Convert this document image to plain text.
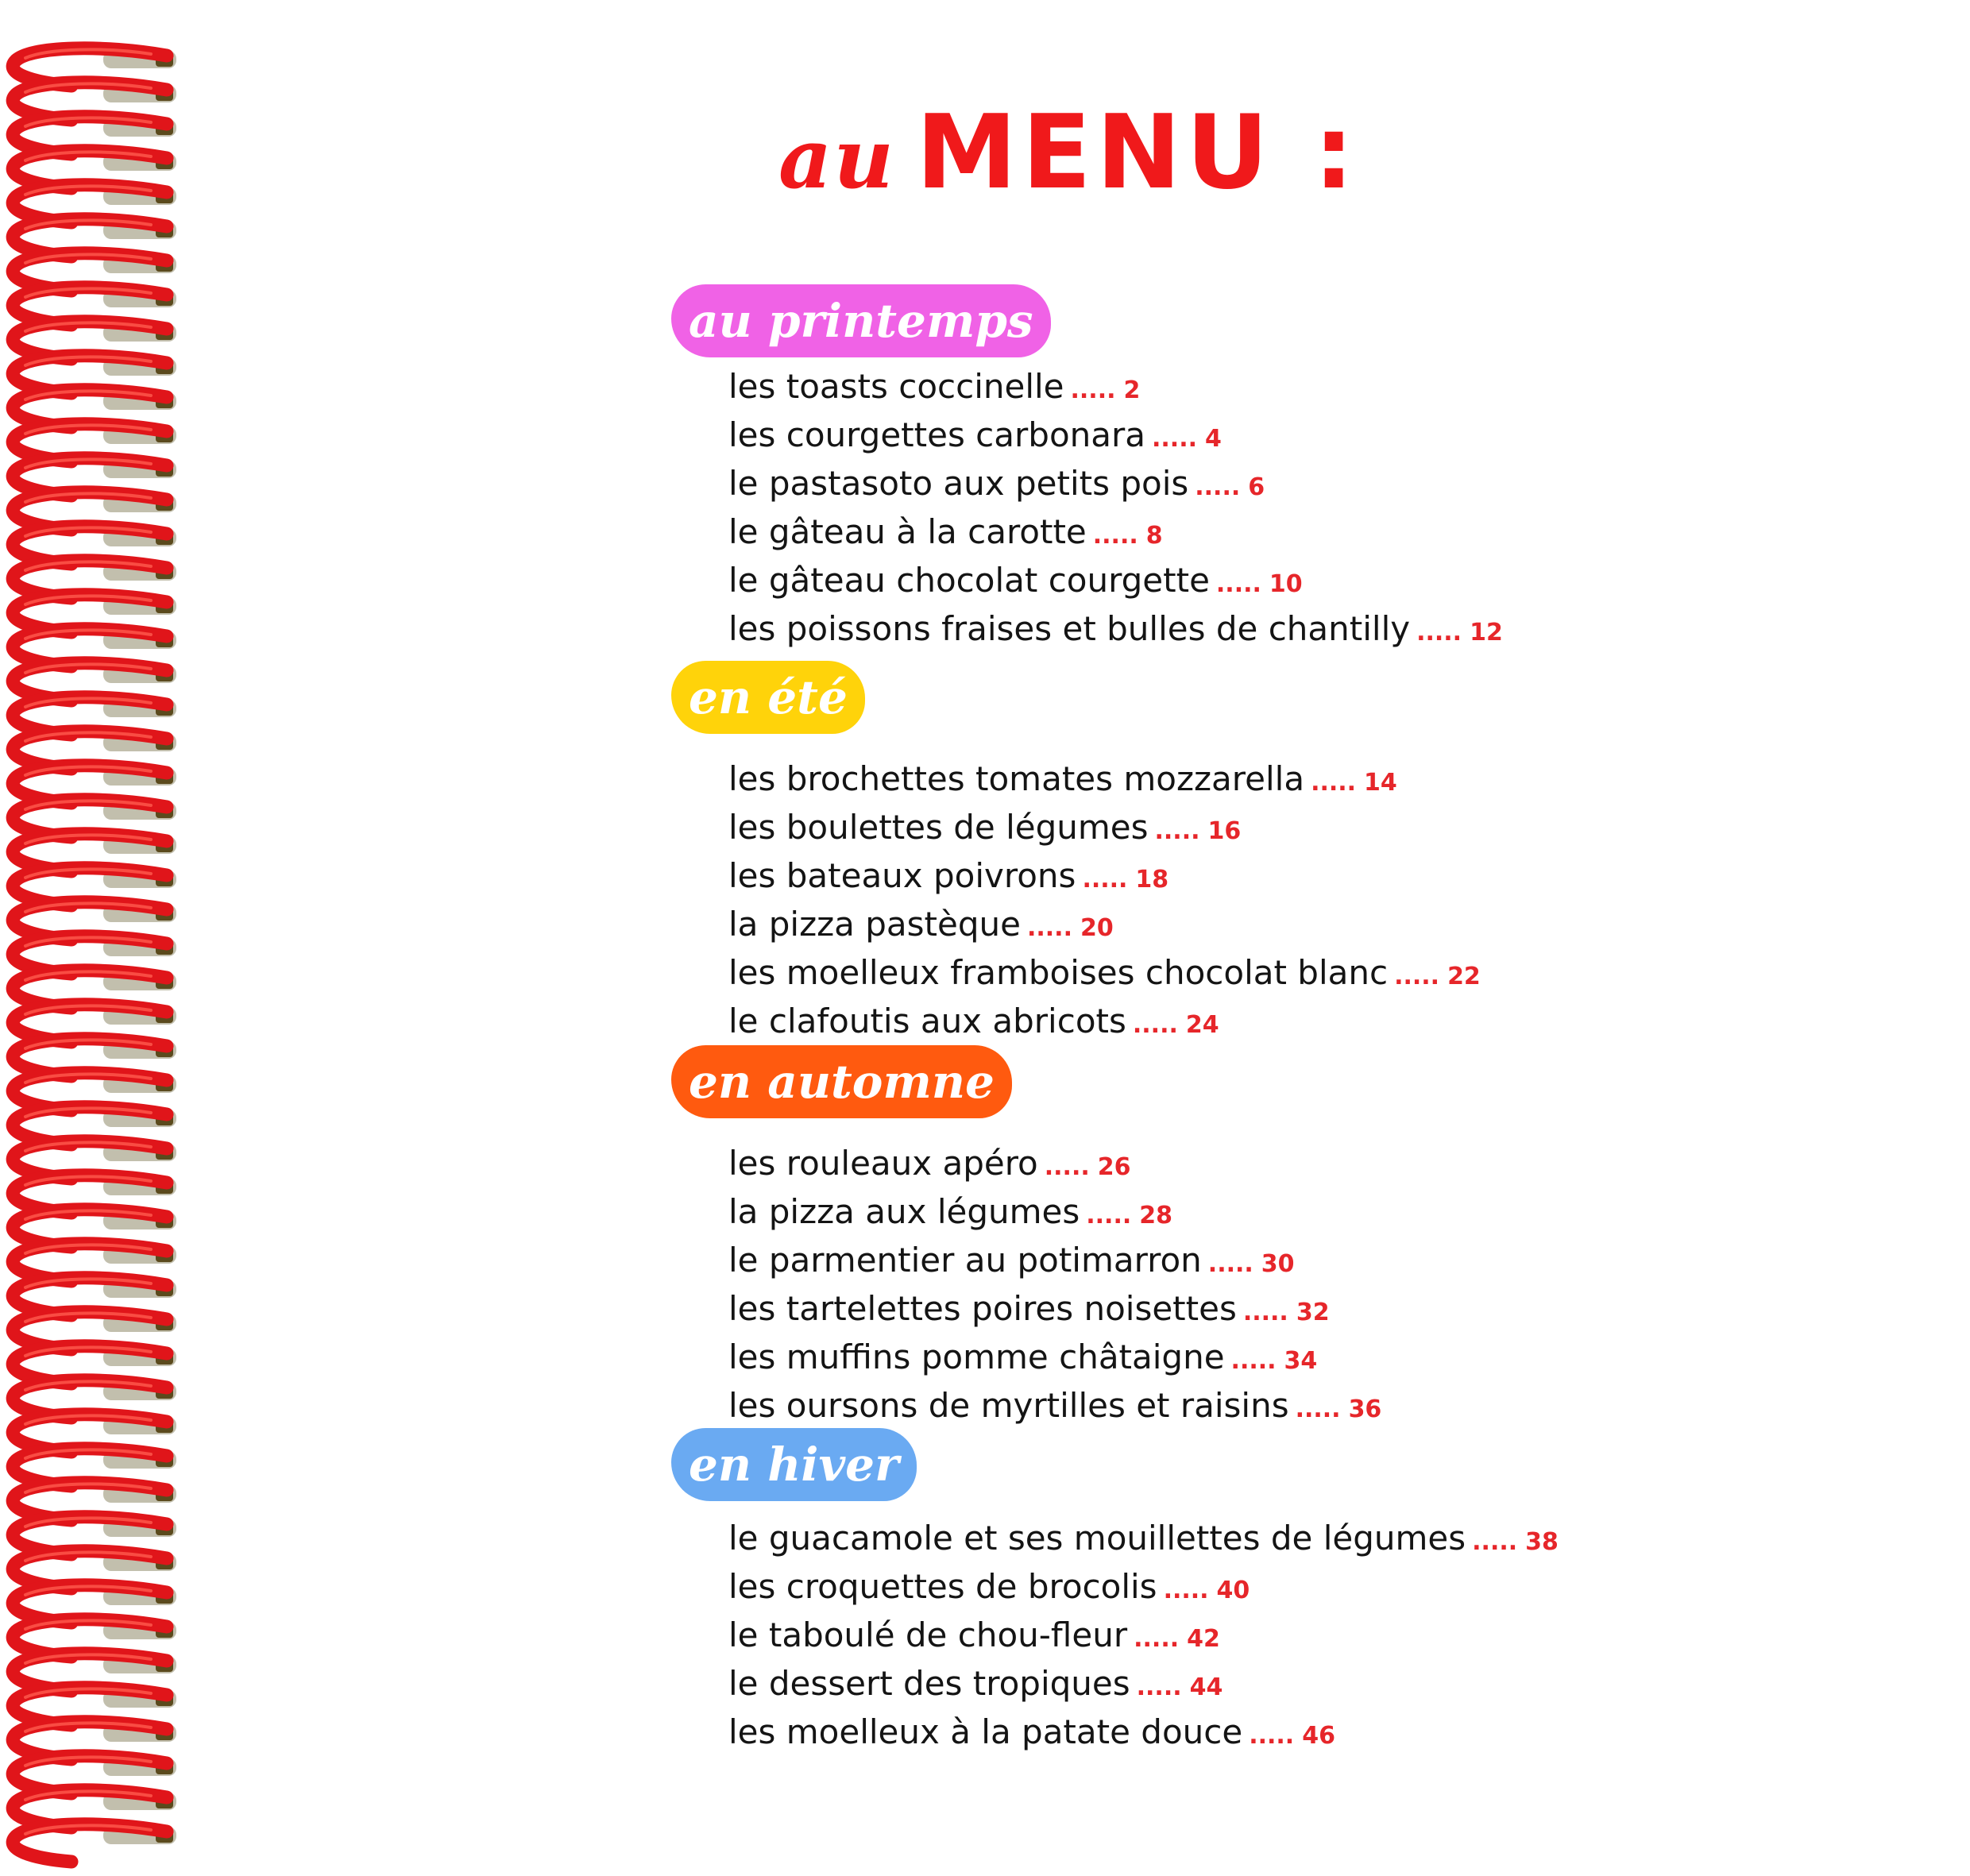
au MENU :
au printemps
les toasts coccinelle ..... 2
les courgettes carbonara ..... 4
le pastasoto aux petits pois ..... 6
le gâteau à la carotte ..... 8
le gâteau chocolat courgette ..... 10
les poissons fraises et bulles de chantilly ..... 12
en été
les brochettes tomates mozzarella ..... 14
les boulettes de légumes ..... 16
les bateaux poivrons ..... 18
la pizza pastèque ..... 20
les moelleux framboises chocolat blanc ..... 22
le clafoutis aux abricots ..... 24
en automne
les rouleaux apéro ..... 26
la pizza aux légumes ..... 28
le parmentier au potimarron ..... 30
les tartelettes poires noisettes ..... 32
les muffins pomme châtaigne ..... 34
les oursons de myrtilles et raisins ..... 36
en hiver
le guacamole et ses mouillettes de légumes ..... 38
les croquettes de brocolis ..... 40
le taboulé de chou-fleur ..... 42
le dessert des tropiques ..... 44
les moelleux à la patate douce ..... 46
